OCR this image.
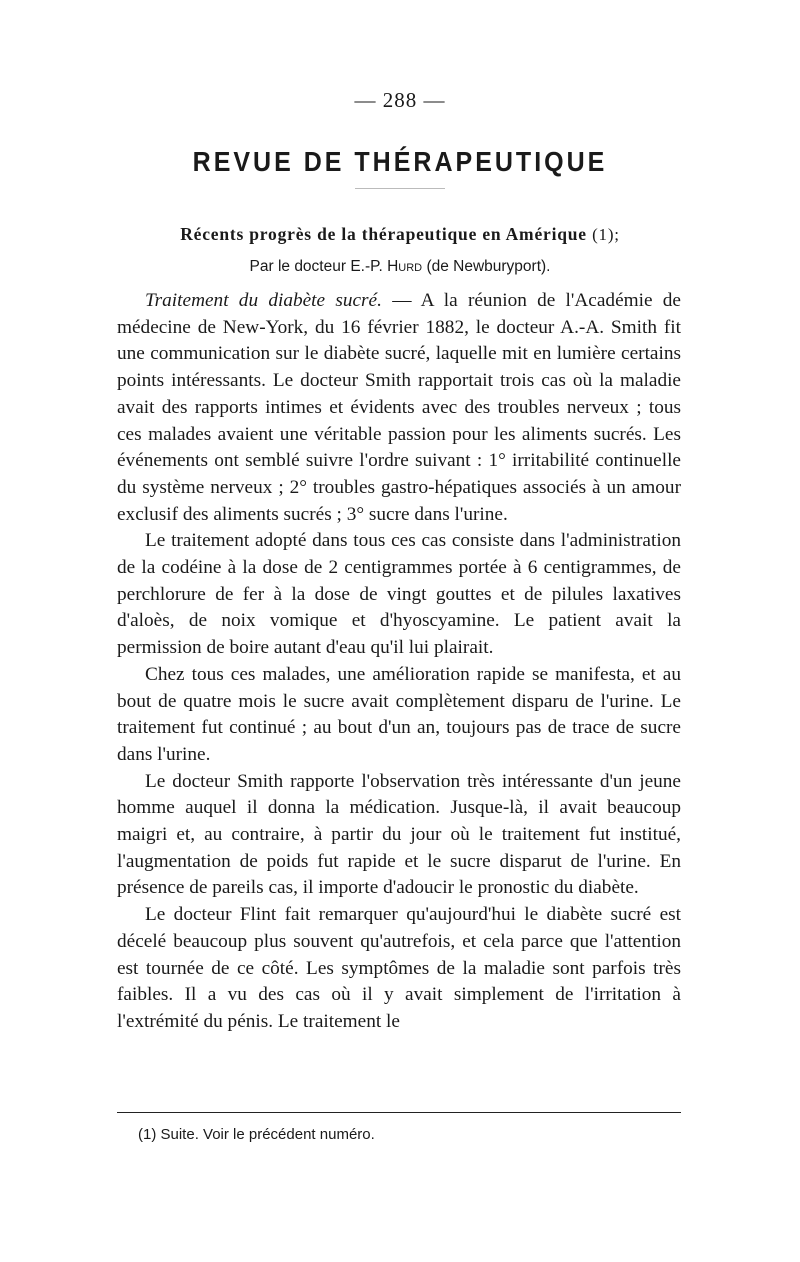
— 288 —
REVUE DE THÉRAPEUTIQUE
Récents progrès de la thérapeutique en Amérique (1);
Par le docteur E.-P. Hurd (de Newburyport).

Traitement du diabète sucré. — A la réunion de l'Académie de médecine de New-York, du 16 février 1882, le docteur A.-A. Smith fit une communication sur le diabète sucré, laquelle mit en lumière certains points intéressants. Le docteur Smith rapportait trois cas où la maladie avait des rapports intimes et évidents avec des troubles nerveux ; tous ces malades avaient une véritable passion pour les aliments sucrés. Les événements ont semblé suivre l'ordre suivant : 1° irritabilité continuelle du système nerveux ; 2° troubles gastro-hépatiques associés à un amour exclusif des aliments sucrés ; 3° sucre dans l'urine.

Le traitement adopté dans tous ces cas consiste dans l'administration de la codéine à la dose de 2 centigrammes portée à 6 centigrammes, de perchlorure de fer à la dose de vingt gouttes et de pilules laxatives d'aloès, de noix vomique et d'hyoscyamine. Le patient avait la permission de boire autant d'eau qu'il lui plairait.

Chez tous ces malades, une amélioration rapide se manifesta, et au bout de quatre mois le sucre avait complètement disparu de l'urine. Le traitement fut continué ; au bout d'un an, toujours pas de trace de sucre dans l'urine.

Le docteur Smith rapporte l'observation très intéressante d'un jeune homme auquel il donna la médication. Jusque-là, il avait beaucoup maigri et, au contraire, à partir du jour où le traitement fut institué, l'augmentation de poids fut rapide et le sucre disparut de l'urine. En présence de pareils cas, il importe d'adoucir le pronostic du diabète.

Le docteur Flint fait remarquer qu'aujourd'hui le diabète sucré est décelé beaucoup plus souvent qu'autrefois, et cela parce que l'attention est tournée de ce côté. Les symptômes de la maladie sont parfois très faibles. Il a vu des cas où il y avait simplement de l'irritation à l'extrémité du pénis. Le traitement le

(1) Suite. Voir le précédent numéro.
